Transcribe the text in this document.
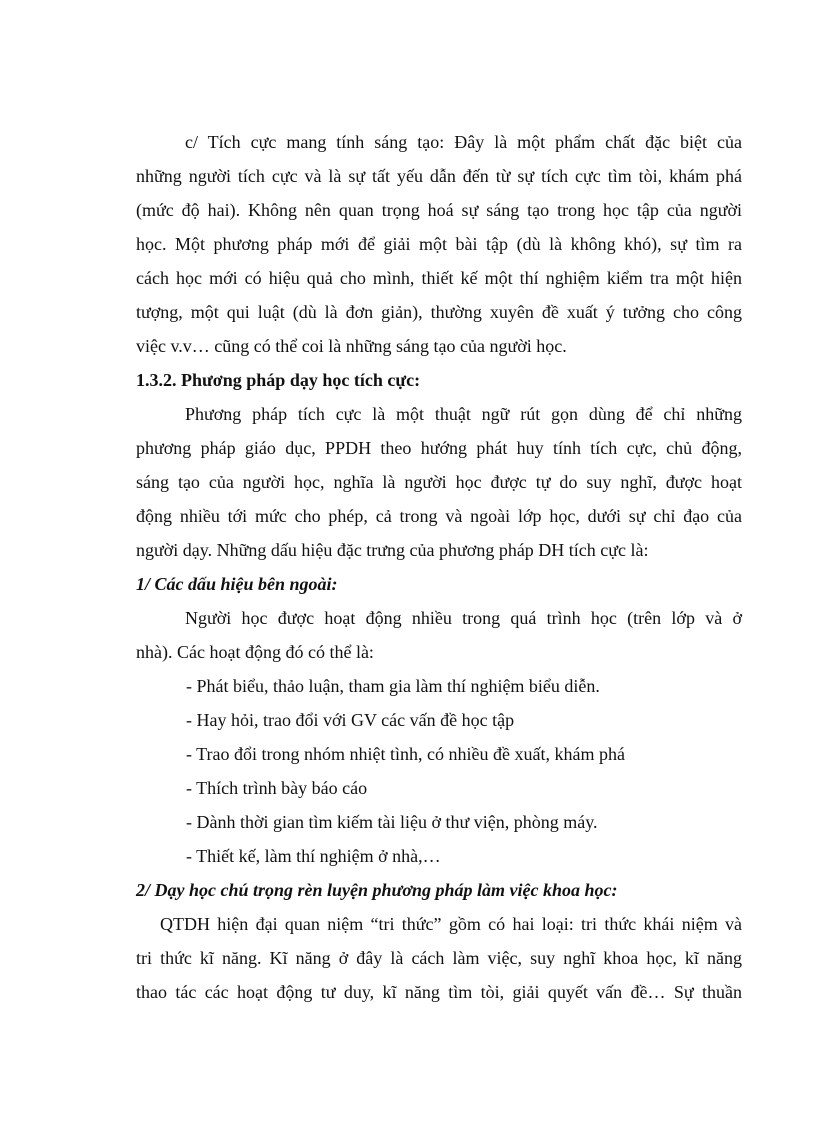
c/ Tích cực mang tính sáng tạo: Đây là một phẩm chất đặc biệt của
những người tích cực và là sự tất yếu dẫn đến từ sự tích cực tìm tòi, khám phá
(mức độ hai). Không nên quan trọng hoá sự sáng tạo trong học tập của người
học. Một phương pháp mới để giải một bài tập (dù là không khó), sự tìm ra
cách học mới có hiệu quả cho mình, thiết kế một thí nghiệm kiểm tra một hiện
tượng, một qui luật (dù là đơn giản), thường xuyên đề xuất ý tưởng cho công
việc v.v… cũng có thể coi là những sáng tạo của người học.
1.3.2. Phương pháp dạy học tích cực:
Phương pháp tích cực là một thuật ngữ rút gọn dùng để chỉ những
phương pháp giáo dục, PPDH theo hướng phát huy tính tích cực, chủ động,
sáng tạo của người học, nghĩa là người học được tự do suy nghĩ, được hoạt
động nhiều tới mức cho phép, cả trong và ngoài lớp học, dưới sự chỉ đạo của
người dạy. Những dấu hiệu đặc trưng của phương pháp DH tích cực là:
1/ Các dấu hiệu bên ngoài:
Người học được hoạt động nhiều trong quá trình học (trên lớp và ở
nhà). Các hoạt động đó có thể là:
- Phát biểu, thảo luận, tham gia làm thí nghiệm biểu diễn.
- Hay hỏi, trao đổi với GV các vấn đề học tập
- Trao đổi trong nhóm nhiệt tình, có nhiều đề xuất, khám phá
- Thích trình bày báo cáo
- Dành thời gian tìm kiếm tài liệu ở thư viện, phòng máy.
- Thiết kế, làm thí nghiệm ở nhà,…
2/ Dạy học chú trọng rèn luyện phương pháp làm việc khoa học:
QTDH hiện đại quan niệm “tri thức” gồm có hai loại: tri thức khái niệm và
tri thức kĩ năng. Kĩ năng ở đây là cách làm việc, suy nghĩ khoa học, kĩ năng
thao tác các hoạt động tư duy, kĩ năng tìm tòi, giải quyết vấn đề… Sự thuần
